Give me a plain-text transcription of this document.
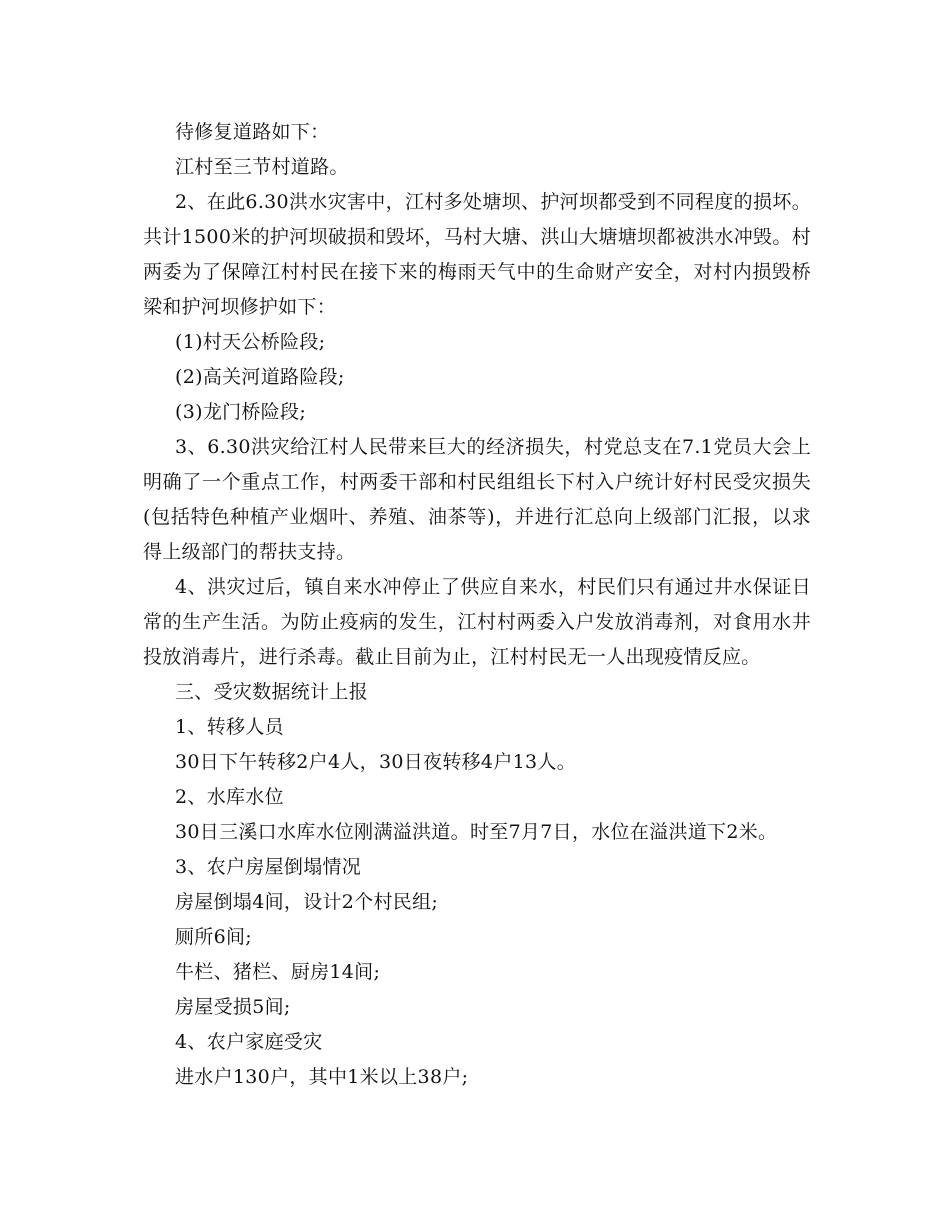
待修复道路如下：

江村至三节村道路。

2、在此6.30洪水灾害中，江村多处塘坝、护河坝都受到不同程度的损坏。共计1500米的护河坝破损和毁坏，马村大塘、洪山大塘塘坝都被洪水冲毁。村两委为了保障江村村民在接下来的梅雨天气中的生命财产安全，对村内损毁桥梁和护河坝修护如下：

(1)村天公桥险段;

(2)高关河道路险段;

(3)龙门桥险段;

3、6.30洪灾给江村人民带来巨大的经济损失，村党总支在7.1党员大会上明确了一个重点工作，村两委干部和村民组组长下村入户统计好村民受灾损失(包括特色种植产业烟叶、养殖、油茶等)，并进行汇总向上级部门汇报，以求得上级部门的帮扶支持。

4、洪灾过后，镇自来水冲停止了供应自来水，村民们只有通过井水保证日常的生产生活。为防止疫病的发生，江村村两委入户发放消毒剂，对食用水井投放消毒片，进行杀毒。截止目前为止，江村村民无一人出现疫情反应。

三、受灾数据统计上报

1、转移人员

30日下午转移2户4人，30日夜转移4户13人。

2、水库水位

30日三溪口水库水位刚满溢洪道。时至7月7日，水位在溢洪道下2米。

3、农户房屋倒塌情况

房屋倒塌4间，设计2个村民组;

厕所6间;

牛栏、猪栏、厨房14间;

房屋受损5间;

4、农户家庭受灾

进水户130户，其中1米以上38户;
